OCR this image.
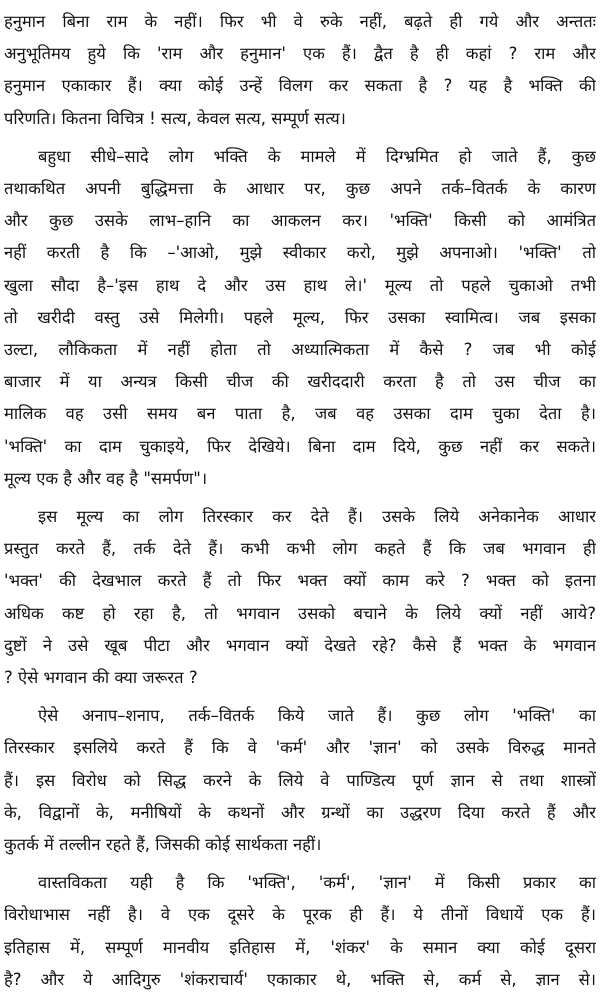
हनुमान बिना राम के नहीं। फिर भी वे रुके नहीं, बढ़ते ही गये और अन्ततः
अनुभूतिमय हुये कि 'राम और हनुमान' एक हैं। द्वैत है ही कहां ? राम और
हनुमान एकाकार हैं। क्या कोई उन्हें विलग कर सकता है ? यह है भक्ति की
परिणति। कितना विचित्र ! सत्य, केवल सत्य, सम्पूर्ण सत्य।

बहुधा सीधे–सादे लोग भक्ति के मामले में दिग्भ्रमित हो जाते हैं, कुछ
तथाकथित अपनी बुद्धिमत्ता के आधार पर, कुछ अपने तर्क–वितर्क के कारण
और कुछ उसके लाभ–हानि का आकलन कर। 'भक्ति' किसी को आमंत्रित
नहीं करती है कि –'आओ, मुझे स्वीकार करो, मुझे अपनाओ। 'भक्ति' तो
खुला सौदा है–'इस हाथ दे और उस हाथ ले।' मूल्य तो पहले चुकाओ तभी
तो खरीदी वस्तु उसे मिलेगी। पहले मूल्य, फिर उसका स्वामित्व। जब इसका
उल्टा, लौकिकता में नहीं होता तो अध्यात्मिकता में कैसे ? जब भी कोई
बाजार में या अन्यत्र किसी चीज की खरीददारी करता है तो उस चीज का
मालिक वह उसी समय बन पाता है, जब वह उसका दाम चुका देता है।
'भक्ति' का दाम चुकाइये, फिर देखिये। बिना दाम दिये, कुछ नहीं कर सकते।
मूल्य एक है और वह है "समर्पण"।

इस मूल्य का लोग तिरस्कार कर देते हैं। उसके लिये अनेकानेक आधार
प्रस्तुत करते हैं, तर्क देते हैं। कभी कभी लोग कहते हैं कि जब भगवान ही
'भक्त' की देखभाल करते हैं तो फिर भक्त क्यों काम करे ? भक्त को इतना
अधिक कष्ट हो रहा है, तो भगवान उसको बचाने के लिये क्यों नहीं आये?
दुष्टों ने उसे खूब पीटा और भगवान क्यों देखते रहे? कैसे हैं भक्त के भगवान
? ऐसे भगवान की क्या जरूरत ?

ऐसे अनाप–शनाप, तर्क–वितर्क किये जाते हैं। कुछ लोग 'भक्ति' का
तिरस्कार इसलिये करते हैं कि वे 'कर्म' और 'ज्ञान' को उसके विरुद्ध मानते
हैं। इस विरोध को सिद्ध करने के लिये वे पाण्डित्य पूर्ण ज्ञान से तथा शास्त्रों
के, विद्वानों के, मनीषियों के कथनों और ग्रन्थों का उद्धरण दिया करते हैं और
कुतर्क में तल्लीन रहते हैं, जिसकी कोई सार्थकता नहीं।

वास्तविकता यही है कि 'भक्ति', 'कर्म', 'ज्ञान' में किसी प्रकार का
विरोधाभास नहीं है। वे एक दूसरे के पूरक ही हैं। ये तीनों विधायें एक हैं।
इतिहास में, सम्पूर्ण मानवीय इतिहास में, 'शंकर' के समान क्या कोई दूसरा
है? और ये आदिगुरु 'शंकराचार्य' एकाकार थे, भक्ति से, कर्म से, ज्ञान से।
